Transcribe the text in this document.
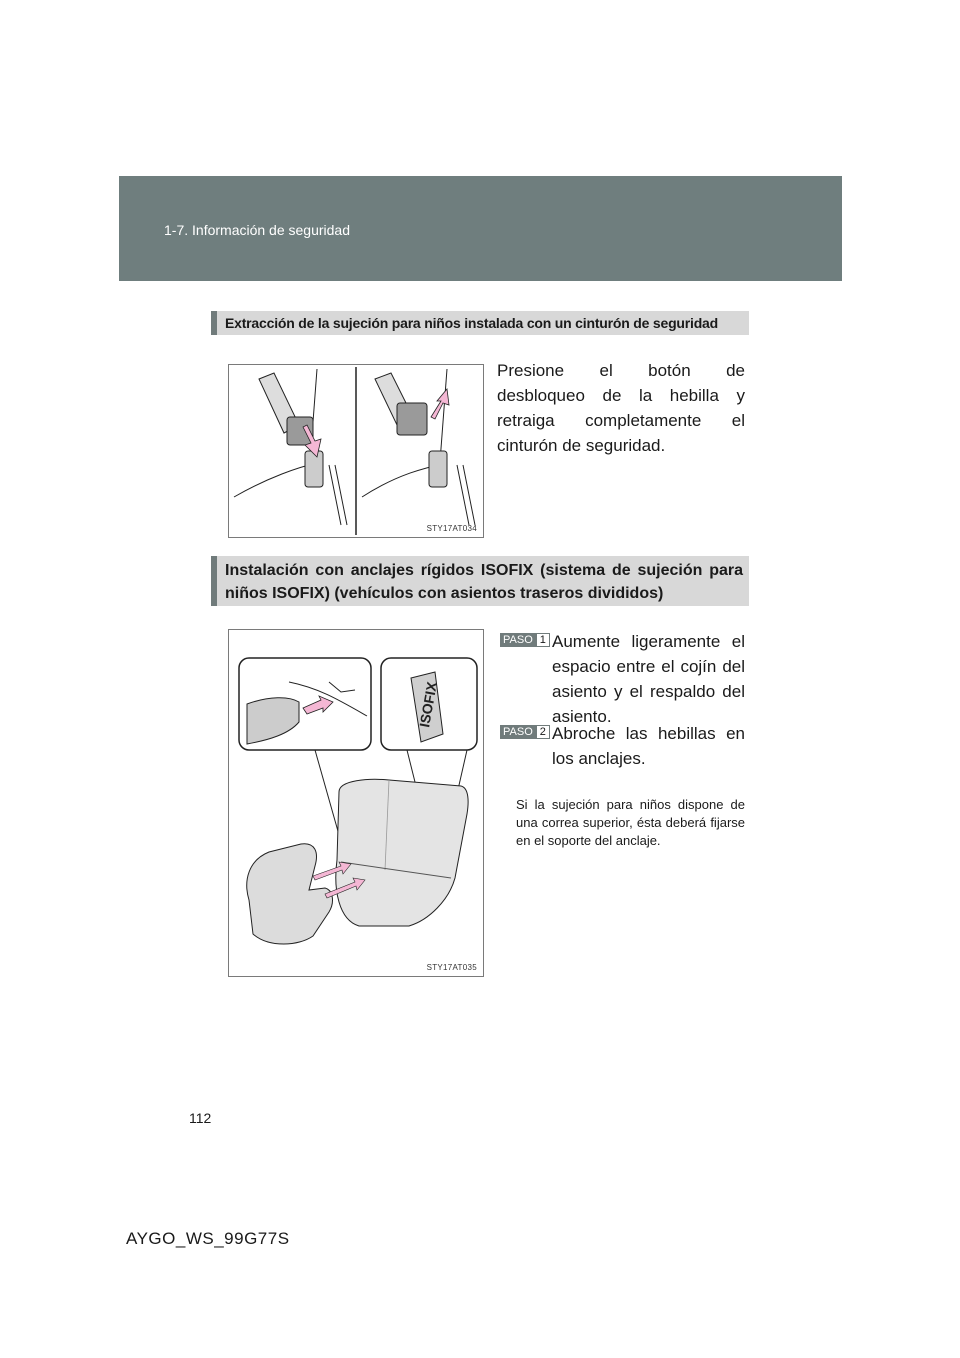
1-7. Información de seguridad
Extracción de la sujeción para niños instalada con un cinturón de seguridad
STY17AT034
Presione el botón de desbloqueo de la hebilla y retraiga completamente el cinturón de seguridad.
Instalación con anclajes rígidos ISOFIX (sistema de sujeción para niños ISOFIX) (vehículos con asientos traseros divididos)
ISOFIX
STY17AT035
PASO 1 Aumente ligeramente el espacio entre el cojín del asiento y el respaldo del asiento.
PASO 2 Abroche las hebillas en los anclajes.
Si la sujeción para niños dispone de una correa superior, ésta deberá fijarse en el soporte del anclaje.
112
AYGO_WS_99G77S
